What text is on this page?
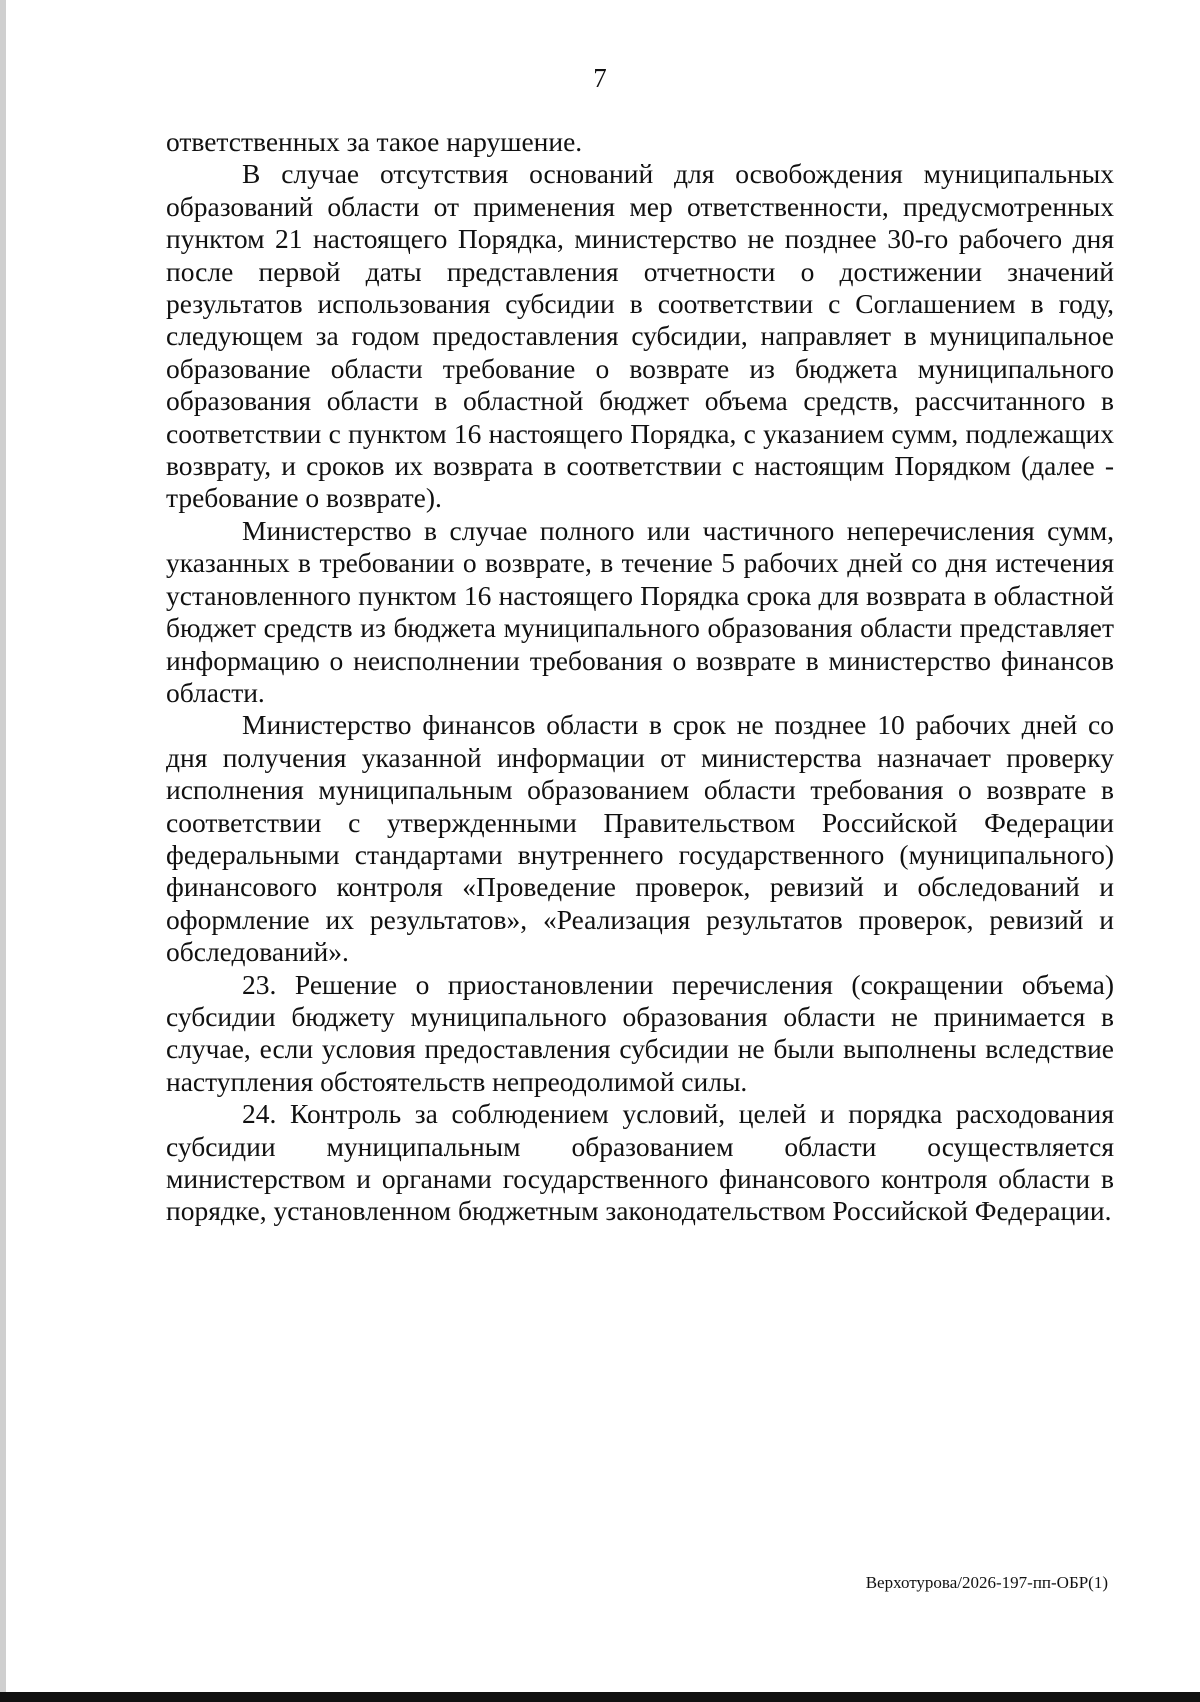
7

ответственных за такое нарушение.

В случае отсутствия оснований для освобождения муниципальных образований области от применения мер ответственности, предусмотренных пунктом 21 настоящего Порядка, министерство не позднее 30-го рабочего дня после первой даты представления отчетности о достижении значений результатов использования субсидии в соответствии с Соглашением в году, следующем за годом предоставления субсидии, направляет в муниципальное образование области требование о возврате из бюджета муниципального образования области в областной бюджет объема средств, рассчитанного в соответствии с пунктом 16 настоящего Порядка, с указанием сумм, подлежащих возврату, и сроков их возврата в соответствии с настоящим Порядком (далее - требование о возврате).

Министерство в случае полного или частичного неперечисления сумм, указанных в требовании о возврате, в течение 5 рабочих дней со дня истечения установленного пунктом 16 настоящего Порядка срока для возврата в областной бюджет средств из бюджета муниципального образования области представляет информацию о неисполнении требования о возврате в министерство финансов области.

Министерство финансов области в срок не позднее 10 рабочих дней со дня получения указанной информации от министерства назначает проверку исполнения муниципальным образованием области требования о возврате в соответствии с утвержденными Правительством Российской Федерации федеральными стандартами внутреннего государственного (муниципального) финансового контроля «Проведение проверок, ревизий и обследований и оформление их результатов», «Реализация результатов проверок, ревизий и обследований».

23. Решение о приостановлении перечисления (сокращении объема) субсидии бюджету муниципального образования области не принимается в случае, если условия предоставления субсидии не были выполнены вследствие наступления обстоятельств непреодолимой силы.

24. Контроль за соблюдением условий, целей и порядка расходования субсидии муниципальным образованием области осуществляется министерством и органами государственного финансового контроля области в порядке, установленном бюджетным законодательством Российской Федерации.

Верхотурова/2026-197-пп-ОБР(1)
